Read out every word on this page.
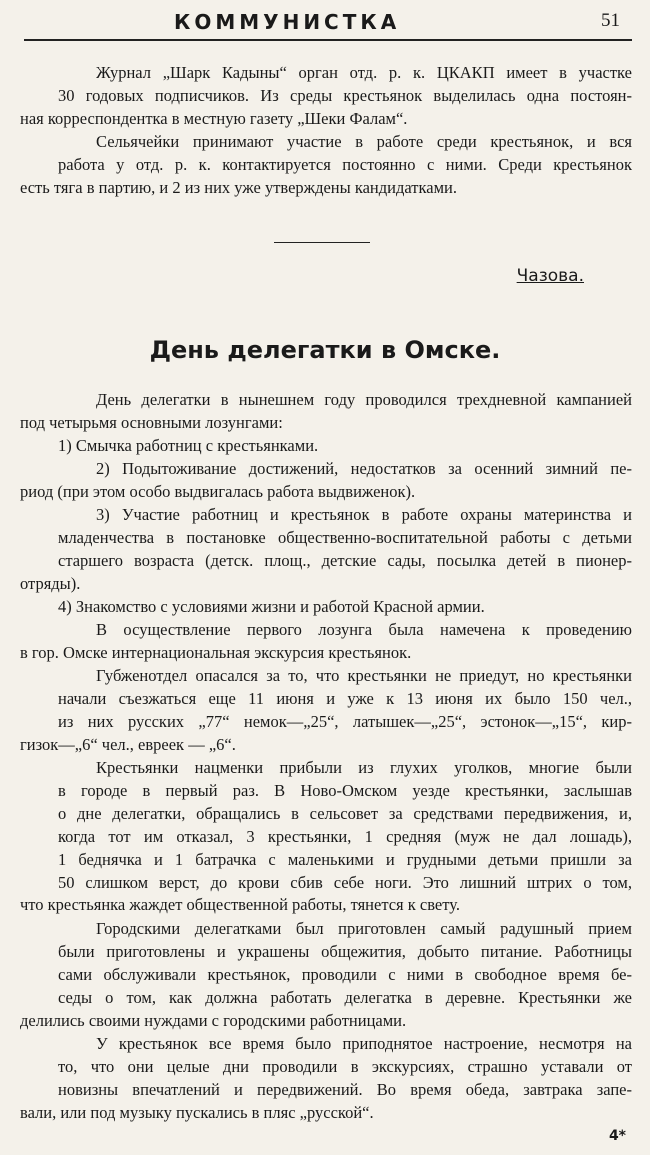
КОММУНИСТКА	51
Журнал „Шарк Кадыны“ орган отд. р. к. ЦКАКП имеет в участке
30 годовых подписчиков. Из среды крестьянок выделилась одна постоян-
ная корреспондентка в местную газету „Шеки Фалам“.
Сельячейки принимают участие в работе среди крестьянок, и вся
работа у отд. р. к. контактируется постоянно с ними. Среди крестьянок
есть тяга в партию, и 2 из них уже утверждены кандидатками.
Чазова.
День делегатки в Омске.
День делегатки в нынешнем году проводился трехдневной кампанией
под четырьмя основными лозунгами:
1) Смычка работниц с крестьянками.
2) Подытоживание достижений, недостатков за осенний зимний пе-
риод (при этом особо выдвигалась работа выдвиженок).
3) Участие работниц и крестьянок в работе охраны материнства и
младенчества в постановке общественно-воспитательной работы с детьми
старшего возраста (детск. площ., детские сады, посылка детей в пионер-
отряды).
4) Знакомство с условиями жизни и работой Красной армии.
В осуществление первого лозунга была намечена к проведению
в гор. Омске интернациональная экскурсия крестьянок.
Губженотдел опасался за то, что крестьянки не приедут, но крестьянки
начали съезжаться еще 11 июня и уже к 13 июня их было 150 чел.,
из них русских „77“ немок—„25“, латышек—„25“, эстонок—„15“, кир-
гизок—„6“ чел., евреек — „6“.
Крестьянки нацменки прибыли из глухих уголков, многие были
в городе в первый раз. В Ново-Омском уезде крестьянки, заслышав
о дне делегатки, обращались в сельсовет за средствами передвижения, и,
когда тот им отказал, 3 крестьянки, 1 средняя (муж не дал лошадь),
1 беднячка и 1 батрачка с маленькими и грудными детьми пришли за
50 слишком верст, до крови сбив себе ноги. Это лишний штрих о том,
что крестьянка жаждет общественной работы, тянется к свету.
Городскими делегатками был приготовлен самый радушный прием
были приготовлены и украшены общежития, добыто питание. Работницы
сами обслуживали крестьянок, проводили с ними в свободное время бе-
седы о том, как должна работать делегатка в деревне. Крестьянки же
делились своими нуждами с городскими работницами.
У крестьянок все время было приподнятое настроение, несмотря на
то, что они целые дни проводили в экскурсиях, страшно уставали от
новизны впечатлений и передвижений. Во время обеда, завтрака запе-
вали, или под музыку пускались в пляс „русской“.
4*
